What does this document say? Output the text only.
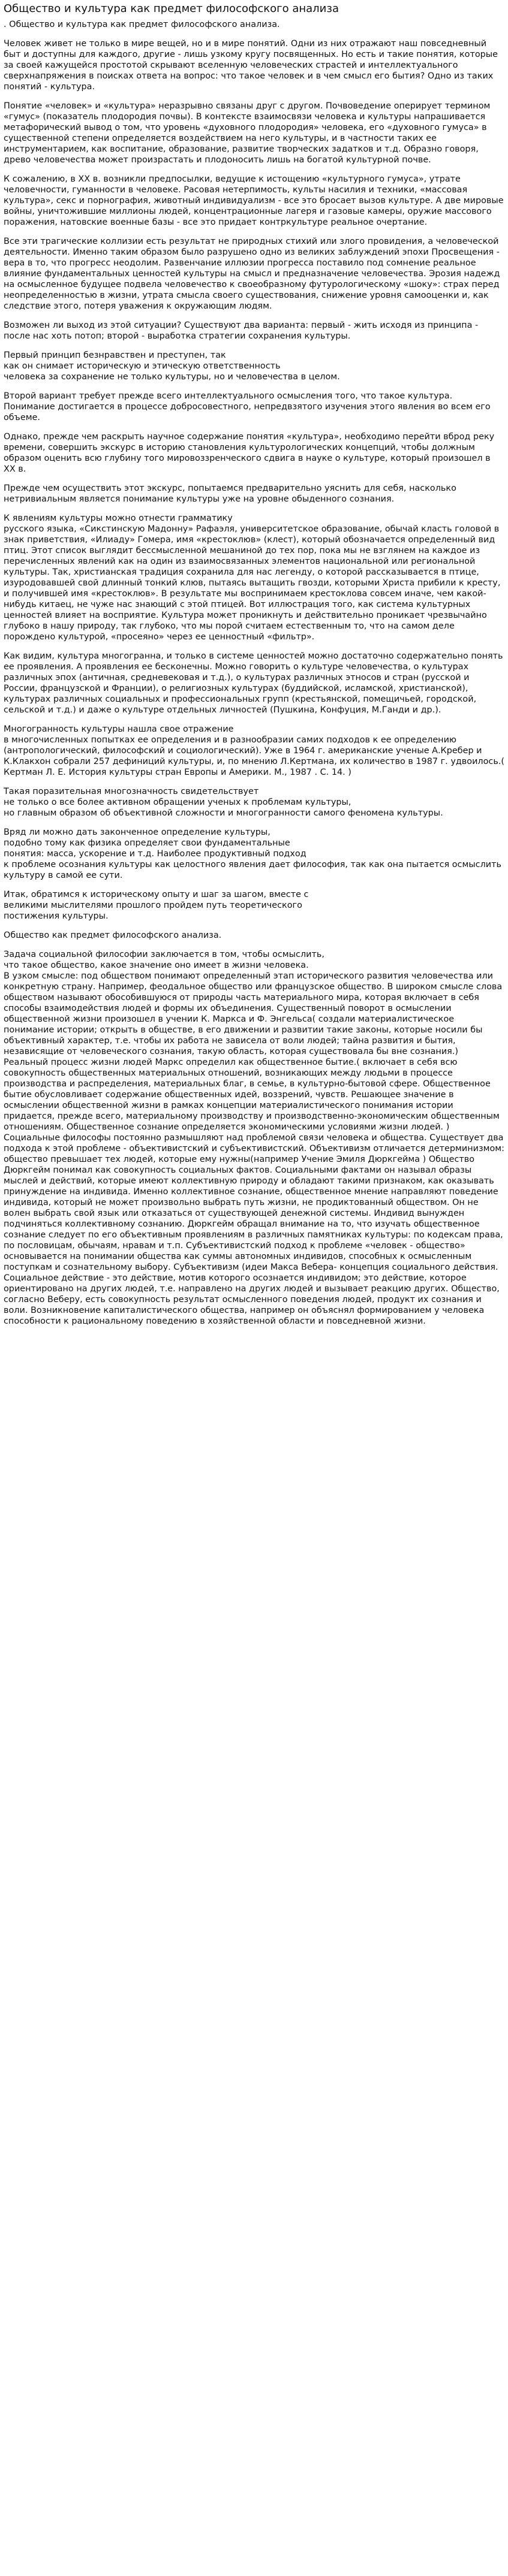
Общество и культура как предмет философского анализа

. Общество и культура как предмет философского анализа.

Человек живет не только в мире вещей, но и в мире понятий. Одни из них отражают наш повседневный быт и доступны для каждого, другие - лишь узкому кругу посвященных. Но есть и такие понятия, которые за своей кажущейся простотой скрывают вселенную человеческих страстей и интеллектуального сверхнапряжения в поисках ответа на вопрос: что такое человек и в чем смысл его бытия? Одно из таких понятий - культура.

Понятие «человек» и «культура» неразрывно связаны друг с другом. Почвоведение оперирует термином «гумус» (показатель плодородия почвы). В контексте взаимосвязи человека и культуры напрашивается метафорический вывод о том, что уровень «духовного плодородия» человека, его «духовного гумуса» в существенной степени определяется воздействием на него культуры, и в частности таких ее инструментарием, как воспитание, образование, развитие творческих задатков и т.д. Образно говоря, древо человечества может произрастать и плодоносить лишь на богатой культурной почве.

К сожалению, в ХХ в. возникли предпосылки, ведущие к истощению «культурного гумуса», утрате человечности, гуманности в человеке. Расовая нетерпимость, культы насилия и техники, «массовая культура», секс и порнография, животный индивидуализм - все это бросает вызов культуре. А две мировые войны, уничтожившие миллионы людей, концентрационные лагеря и газовые камеры, оружие массового поражения, натовские военные базы - все это придает контркультуре реальное очертание.

Все эти трагические коллизии есть результат не природных стихий или злого провидения, а человеческой деятельности. Именно таким образом было разрушено одно из великих заблуждений эпохи Просвещения - вера в то, что прогресс неодолим. Развенчание иллюзии прогресса поставило под сомнение реальное влияние фундаментальных ценностей культуры на смысл и предназначение человечества. Эрозия надежд на осмысленное будущее подвела человечество к своеобразному футурологическому «шоку»: страх перед неопределенностью в жизни, утрата смысла своего существования, снижение уровня самооценки и, как следствие этого, потеря уважения к окружающим людям.

Возможен ли выход из этой ситуации? Существуют два варианта: первый - жить исходя из принципа - после нас хоть потоп; второй - выработка стратегии сохранения культуры.

Первый принцип безнравствен и преступен, так
как он снимает историческую и этическую ответственность
человека за сохранение не только культуры, но и человечества в целом.

Второй вариант требует прежде всего интеллектуального осмысления того, что такое культура. Понимание достигается в процессе добросовестного, непредвзятого изучения этого явления во всем его объеме.

Однако, прежде чем раскрыть научное содержание понятия «культура», необходимо перейти вброд реку времени, совершить экскурс в историю становления культурологических концепций, чтобы должным образом оценить всю глубину того мировоззренческого сдвига в науке о культуре, который произошел в ХХ в.

Прежде чем осуществить этот экскурс, попытаемся предварительно уяснить для себя, насколько нетривиальным является понимание культуры уже на уровне обыденного сознания.

К явлениям культуры можно отнести грамматику
русского языка, «Сикстинскую Мадонну» Рафаэля, университетское образование, обычай класть головой в знак приветствия, «Илиаду» Гомера, имя «крестоклюв» (клест), который обозначается определенный вид птиц. Этот список выглядит бессмысленной мешаниной до тех пор, пока мы не взглянем на каждое из перечисленных явлений как на один из взаимосвязанных элементов национальной или региональной культуры. Так, христианская традиция сохранила для нас легенду, о которой рассказывается в птице, изуродовавшей свой длинный тонкий клюв, пытаясь вытащить гвозди, которыми Христа прибили к кресту, и получившей имя «крестоклюв». В результате мы воспринимаем крестоклова совсем иначе, чем какой-нибудь китаец, не чуже нас знающий с этой птицей. Вот иллюстрация того, как система культурных ценностей влияет на восприятие. Культура может проникнуть и действительно проникает чрезвычайно глубоко в нашу природу, так глубоко, что мы порой считаем естественным то, что на самом деле порождено культурой, «просеяно» через ее ценностный «фильтр».

Как видим, культура многогранна, и только в системе ценностей можно достаточно содержательно понять ее проявления. А проявления ее бесконечны. Можно говорить о культуре человечества, о культурах различных эпох (античная, средневековая и т.д.), о культурах различных этносов и стран (русской и России, французской и Франции), о религиозных культурах (буддийской, исламской, христианской), культурах различных социальных и профессиональных групп (крестьянской, помещичьей, городской, сельской и т.д.) и даже о культуре отдельных личностей (Пушкина, Конфуция, М.Ганди и др.).

Многогранность культуры нашла свое отражение
в многочисленных попытках ее определения и в разнообразии самих подходов к ее определению (антропологический, философский и социологический). Уже в 1964 г. американские ученые А.Кребер и К.Клакхон собрали 257 дефиниций культуры, и, по мнению Л.Кертмана, их количество в 1987 г. удвоилось.( Кертман Л. Е. История культуры стран Европы и Америки. М., 1987 . С. 14. )

Такая поразительная многозначность свидетельствует
не только о все более активном обращении ученых к проблемам культуры,
но главным образом об объективной сложности и многогранности самого феномена культуры.

Вряд ли можно дать законченное определение культуры,
подобно тому как физика определяет свои фундаментальные
понятия: масса, ускорение и т.д. Наиболее продуктивный подход
к проблеме осознания культуры как целостного явления дает философия, так как она пытается осмыслить культуру в самой ее сути.

Итак, обратимся к историческому опыту и шаг за шагом, вместе с
великими мыслителями прошлого пройдем путь теоретического
постижения культуры.

Общество как предмет философского анализа.

Задача социальной философии заключается в том, чтобы осмыслить,
что такое общество, какое значение оно имеет в жизни человека.
В узком смысле: под обществом понимают определенный этап исторического развития человечества или конкретную страну. Например, феодальное общество или французское общество. В широком смысле слова обществом называют обособившуюся от природы часть материального мира, которая включает в себя способы взаимодействия людей и формы их объединения. Существенный поворот в осмыслении общественной жизни произошел в учении К. Маркса и Ф. Энгельса( создали материалистическое понимание истории; открыть в обществе, в его движении и развитии такие законы, которые носили бы объективный характер, т.е. чтобы их работа не зависела от воли людей; тайна развития и бытия, независящие от человеческого сознания, такую область, которая существовала бы вне сознания.) Реальный процесс жизни людей Маркс определил как общественное бытие.( включает в себя всю совокупность общественных материальных отношений, возникающих между людьми в процессе производства и распределения, материальных благ, в семье, в культурно-бытовой сфере. Общественное бытие обусловливает содержание общественных идей, воззрений, чувств. Решающее значение в осмыслении общественной жизни в рамках концепции материалистического понимания истории придается, прежде всего, материальному производству и производственно-экономическим общественным отношениям. Общественное сознание определяется экономическими условиями жизни людей. ) Социальные философы постоянно размышляют над проблемой связи человека и общества. Существует два подхода к этой проблеме - объективистский и субъективистский. Объективизм отличается детерминизмом: общество превышает тех людей, которые ему нужны(например Учение Эмиля Дюркгейма ) Общество Дюркгейм понимал как совокупность социальных фактов. Социальными фактами он называл образы мыслей и действий, которые имеют коллективную природу и обладают такими признаком, как оказывать принуждение на индивида. Именно коллективное сознание, общественное мнение направляют поведение индивида, который не может произвольно выбрать путь жизни, не продиктованный обществом. Он не волен выбрать свой язык или отказаться от существующей денежной системы. Индивид вынужден подчиняться коллективному сознанию. Дюркгейм обращал внимание на то, что изучать общественное сознание следует по его объективным проявлениям в различных памятниках культуры: по кодексам права, по пословицам, обычаям, нравам и т.п. Субъективистский подход к проблеме «человек - общество» основывается на понимании общества как суммы автономных индивидов, способных к осмысленным поступкам и сознательному выбору. Субъективизм (идеи Макса Вебера- концепция социального действия. Социальное действие - это действие, мотив которого осознается индивидом; это действие, которое ориентировано на других людей, т.е. направлено на других людей и вызывает реакцию других. Общество, согласно Веберу, есть совокупность результат осмысленного поведения людей, продукт их сознания и воли. Возникновение капиталистического общества, например он объяснял формированием у человека способности к рациональному поведению в хозяйственной области и повседневной жизни.
